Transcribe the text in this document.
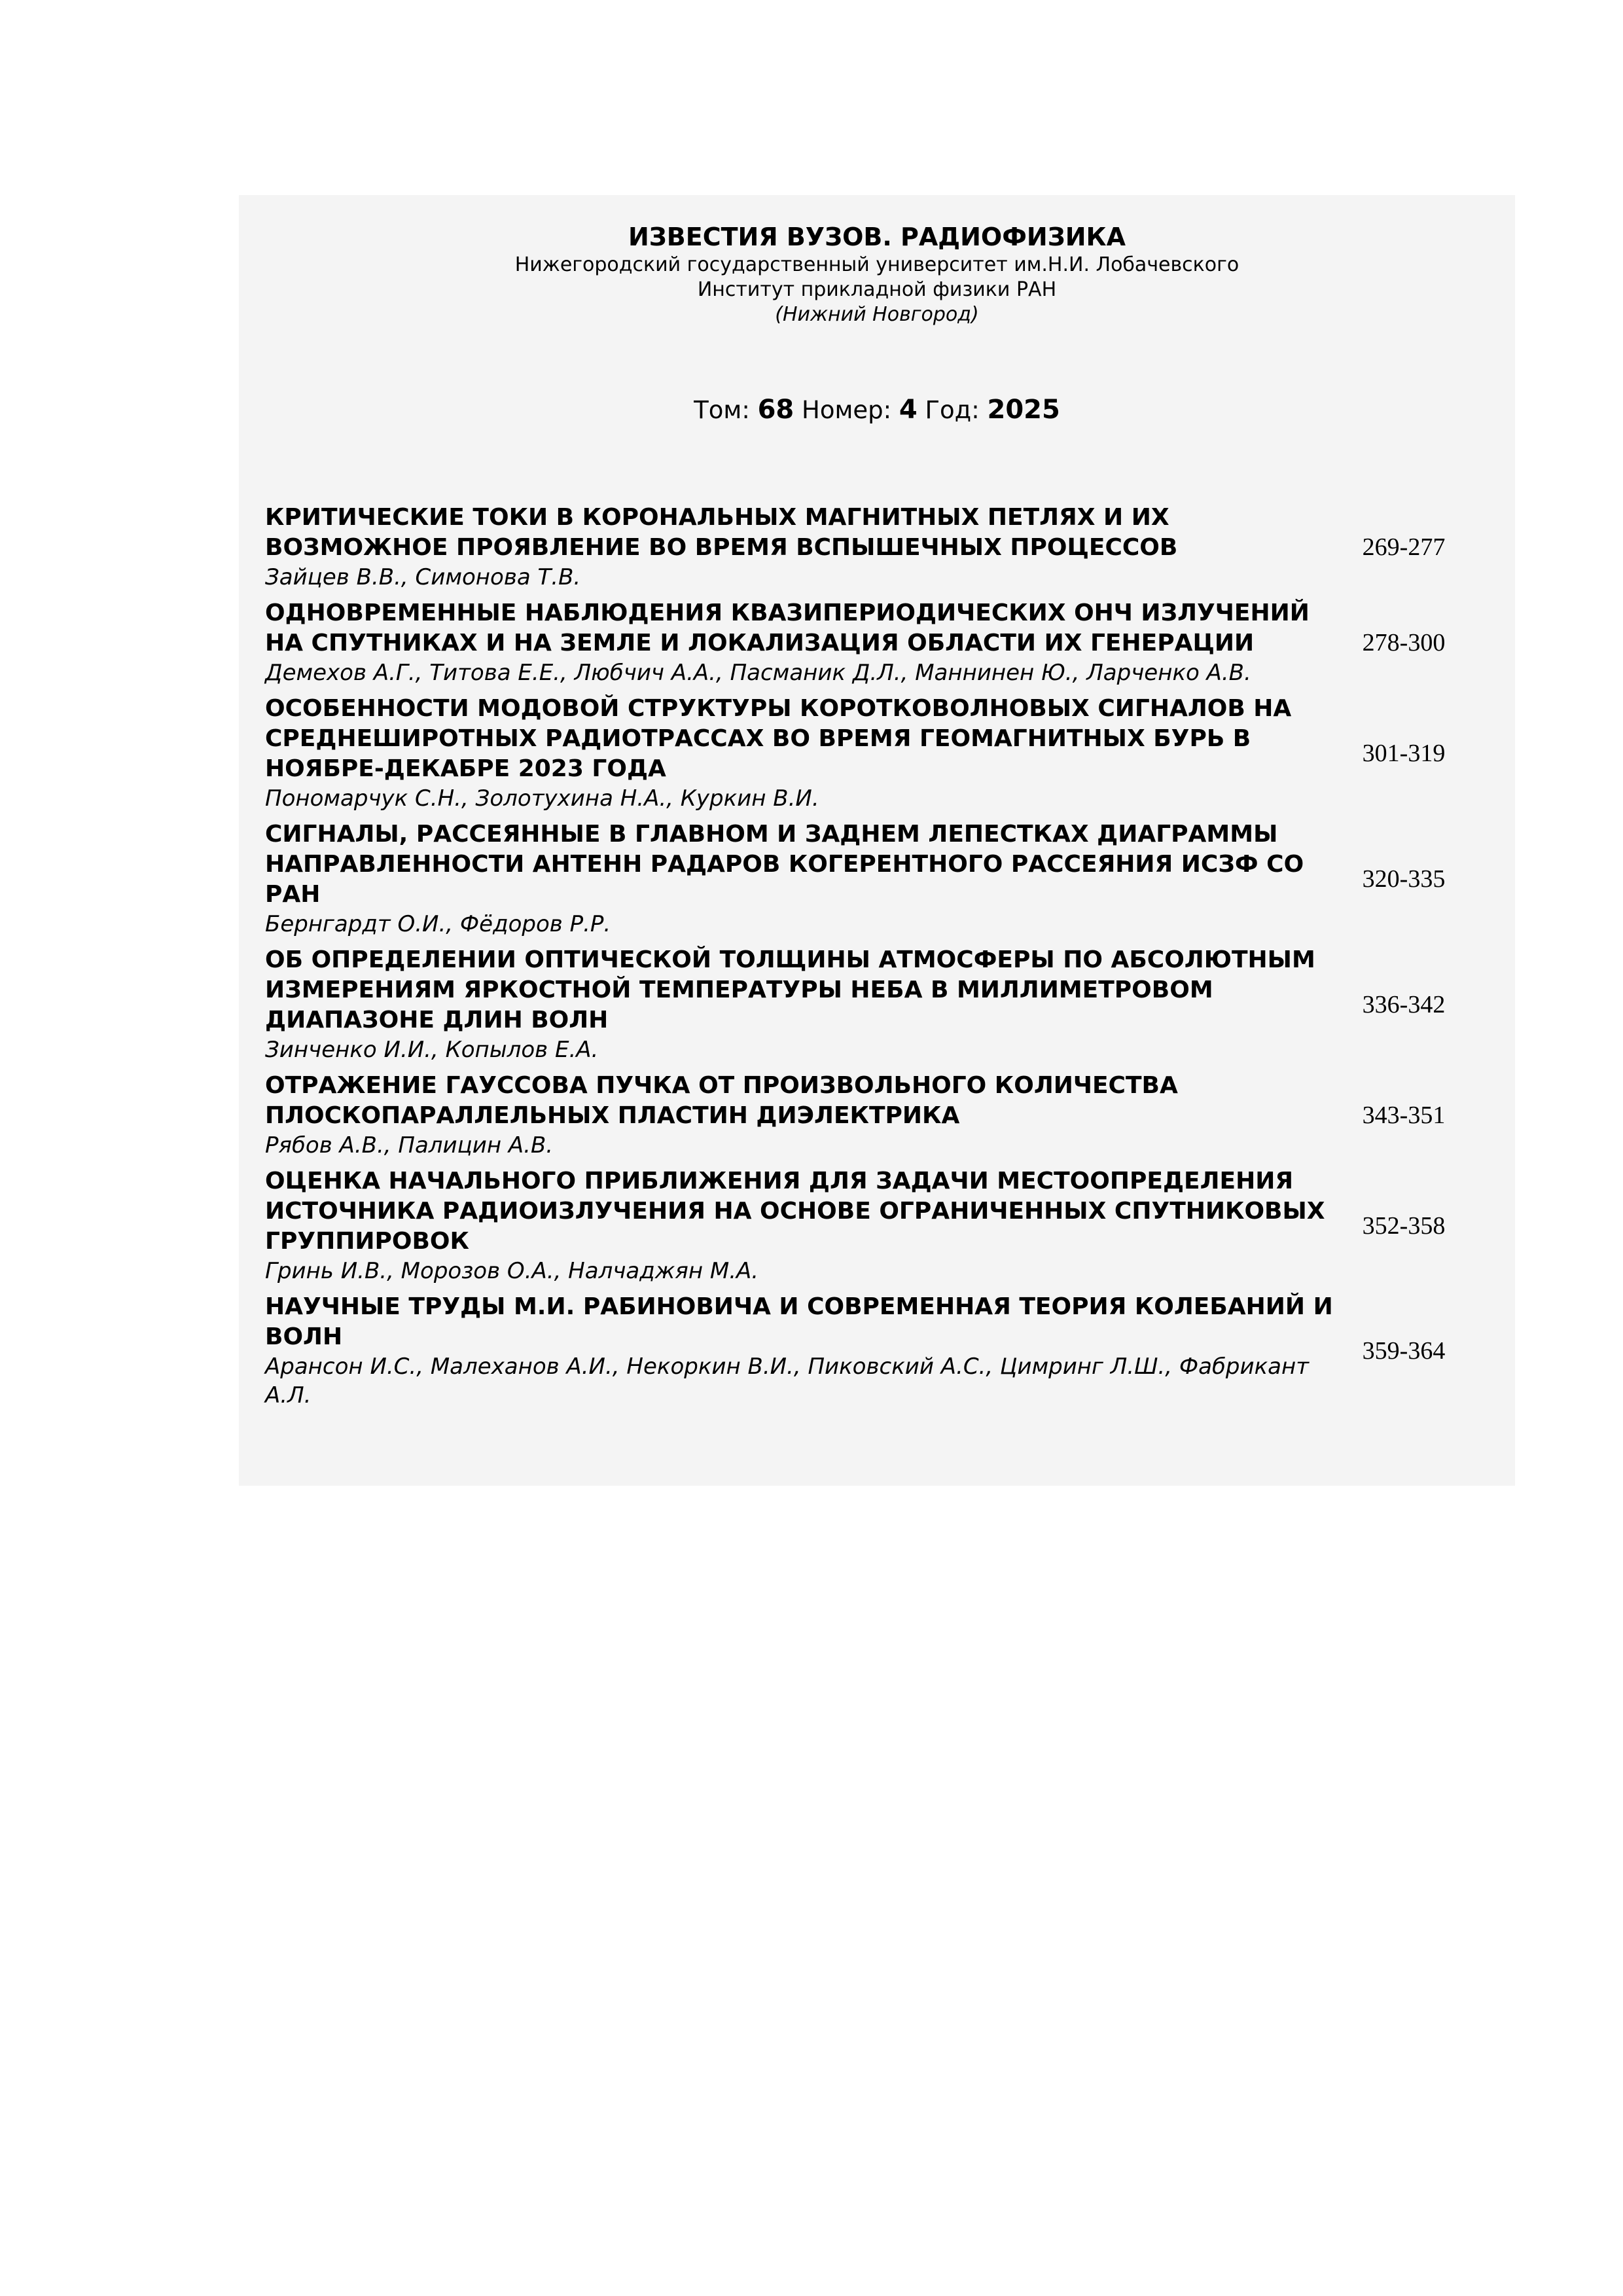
ИЗВЕСТИЯ ВУЗОВ. РАДИОФИЗИКА
Нижегородский государственный университет им.Н.И. Лобачевского
Институт прикладной физики РАН
(Нижний Новгород)
Том: 68 Номер: 4 Год: 2025
КРИТИЧЕСКИЕ ТОКИ В КОРОНАЛЬНЫХ МАГНИТНЫХ ПЕТЛЯХ И ИХ ВОЗМОЖНОЕ ПРОЯВЛЕНИЕ ВО ВРЕМЯ ВСПЫШЕЧНЫХ ПРОЦЕССОВ
Зайцев В.В., Симонова Т.В.
269-277
ОДНОВРЕМЕННЫЕ НАБЛЮДЕНИЯ КВАЗИПЕРИОДИЧЕСКИХ ОНЧ ИЗЛУЧЕНИЙ НА СПУТНИКАХ И НА ЗЕМЛЕ И ЛОКАЛИЗАЦИЯ ОБЛАСТИ ИХ ГЕНЕРАЦИИ
Демехов А.Г., Титова Е.Е., Любчич А.А., Пасманик Д.Л., Маннинен Ю., Ларченко А.В.
278-300
ОСОБЕННОСТИ МОДОВОЙ СТРУКТУРЫ КОРОТКОВОЛНОВЫХ СИГНАЛОВ НА СРЕДНЕШИРОТНЫХ РАДИОТРАССАХ ВО ВРЕМЯ ГЕОМАГНИТНЫХ БУРЬ В НОЯБРЕ-ДЕКАБРЕ 2023 ГОДА
Пономарчук С.Н., Золотухина Н.А., Куркин В.И.
301-319
СИГНАЛЫ, РАССЕЯННЫЕ В ГЛАВНОМ И ЗАДНЕМ ЛЕПЕСТКАХ ДИАГРАММЫ НАПРАВЛЕННОСТИ АНТЕНН РАДАРОВ КОГЕРЕНТНОГО РАССЕЯНИЯ ИСЗФ СО РАН
Бернгардт О.И., Фёдоров Р.Р.
320-335
ОБ ОПРЕДЕЛЕНИИ ОПТИЧЕСКОЙ ТОЛЩИНЫ АТМОСФЕРЫ ПО АБСОЛЮТНЫМ ИЗМЕРЕНИЯМ ЯРКОСТНОЙ ТЕМПЕРАТУРЫ НЕБА В МИЛЛИМЕТРОВОМ ДИАПАЗОНЕ ДЛИН ВОЛН
Зинченко И.И., Копылов Е.А.
336-342
ОТРАЖЕНИЕ ГАУССОВА ПУЧКА ОТ ПРОИЗВОЛЬНОГО КОЛИЧЕСТВА ПЛОСКОПАРАЛЛЕЛЬНЫХ ПЛАСТИН ДИЭЛЕКТРИКА
Рябов А.В., Палицин А.В.
343-351
ОЦЕНКА НАЧАЛЬНОГО ПРИБЛИЖЕНИЯ ДЛЯ ЗАДАЧИ МЕСТООПРЕДЕЛЕНИЯ ИСТОЧНИКА РАДИОИЗЛУЧЕНИЯ НА ОСНОВЕ ОГРАНИЧЕННЫХ СПУТНИКОВЫХ ГРУППИРОВОК
Гринь И.В., Морозов О.А., Налчаджян М.А.
352-358
НАУЧНЫЕ ТРУДЫ М.И. РАБИНОВИЧА И СОВРЕМЕННАЯ ТЕОРИЯ КОЛЕБАНИЙ И ВОЛН
Арансон И.С., Малеханов А.И., Некоркин В.И., Пиковский А.С., Цимринг Л.Ш., Фабрикант А.Л.
359-364
